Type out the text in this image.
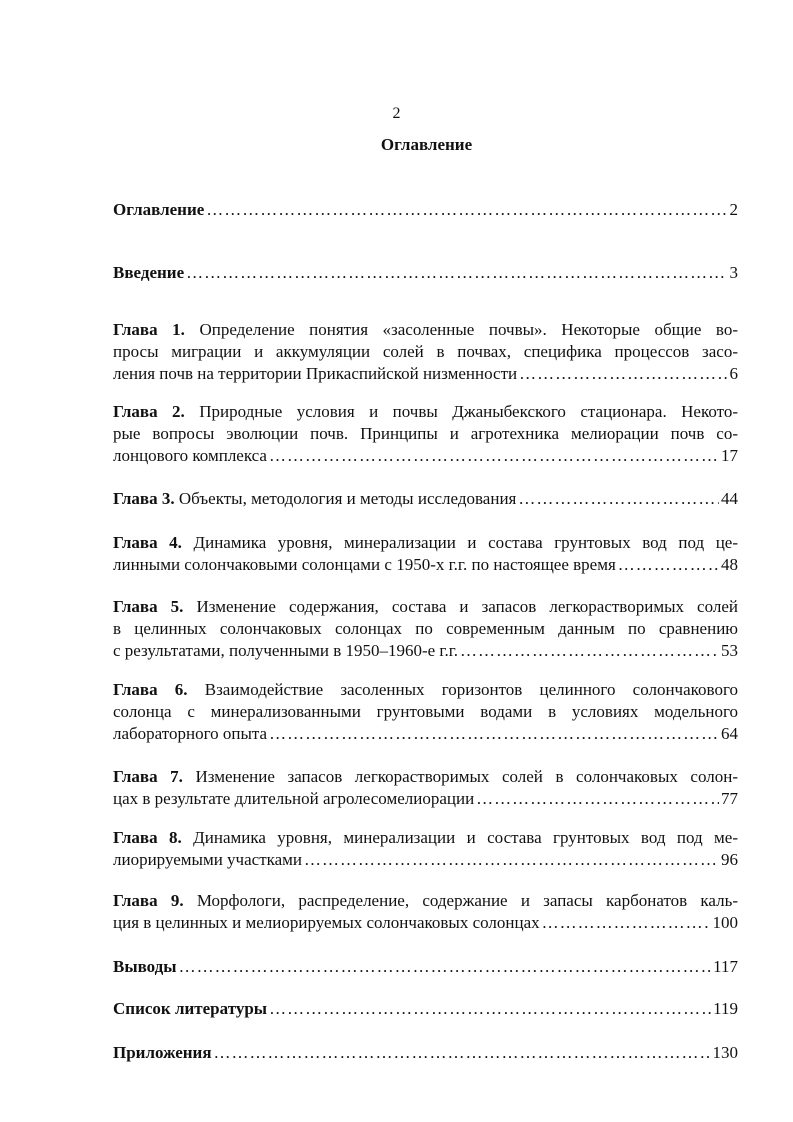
2
Оглавление
Оглавление …………………………………………………………………………………………………………………………………………………………………………	2
Введение …………………………………………………………………………………………………………………………………………………………………………	3
Глава 1. Определение понятия «засоленные почвы». Некоторые общие во-
просы миграции и аккумуляции солей в почвах, специфика процессов засо-
ления почв на территории Прикаспийской низменности …………………………………………………………………………………………………………………………………………………………………………	6
Глава 2. Природные условия и почвы Джаныбекского стационара. Некото-
рые вопросы эволюции почв. Принципы и агротехника мелиорации почв со-
лонцового комплекса …………………………………………………………………………………………………………………………………………………………………………	17
Глава 3.
Объекты, методология и методы исследования …………………………………………………………………………………………………………………………………………………………………………	44
Глава 4. Динамика уровня, минерализации и состава грунтовых вод под це-
линными солончаковыми солонцами с 1950-х г.г. по настоящее время …………………………………………………………………………………………………………………………………………………………………………	48
Глава 5. Изменение содержания, состава и запасов легкорастворимых солей
в целинных солончаковых солонцах по современным данным по сравнению
с результатами, полученными в 1950–1960-е г.г. …………………………………………………………………………………………………………………………………………………………………………	53
Глава 6. Взаимодействие засоленных горизонтов целинного солончакового
солонца с минерализованными грунтовыми водами в условиях модельного
лабораторного опыта …………………………………………………………………………………………………………………………………………………………………………	64
Глава 7. Изменение запасов легкорастворимых солей в солончаковых солон-
цах в результате длительной агролесомелиорации …………………………………………………………………………………………………………………………………………………………………………	77
Глава 8. Динамика уровня, минерализации и состава грунтовых вод под ме-
лиорируемыми участками …………………………………………………………………………………………………………………………………………………………………………	96
Глава 9. Морфологи, распределение, содержание и запасы карбонатов каль-
ция в целинных и мелиорируемых солончаковых солонцах …………………………………………………………………………………………………………………………………………………………………………	100
Выводы …………………………………………………………………………………………………………………………………………………………………………	117
Список литературы …………………………………………………………………………………………………………………………………………………………………………	119
Приложения …………………………………………………………………………………………………………………………………………………………………………	130
